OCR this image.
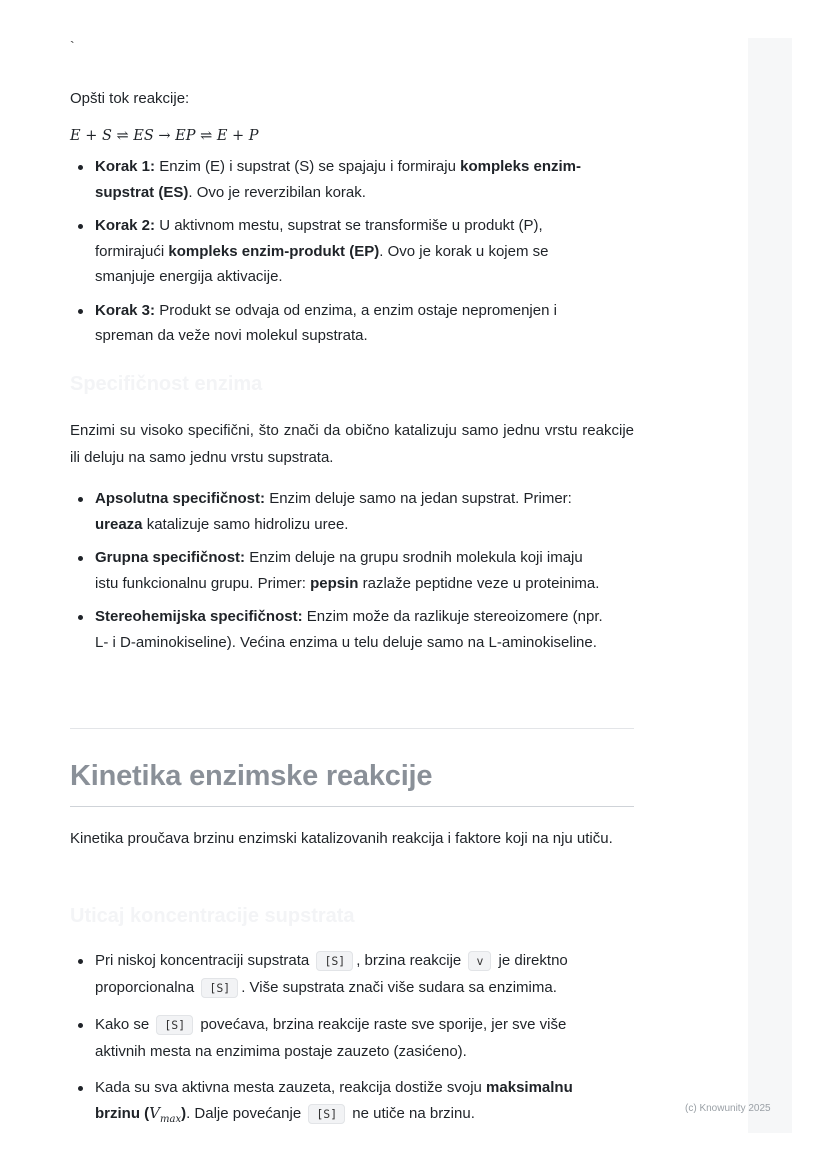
`

Opšti tok reakcije:

E + S ⇌ ES → EP ⇌ E + P
Korak 1: Enzim (E) i supstrat (S) se spajaju i formiraju kompleks enzim-supstrat (ES). Ovo je reverzibilan korak.
Korak 2: U aktivnom mestu, supstrat se transformiše u produkt (P), formirajući kompleks enzim-produkt (EP). Ovo je korak u kojem se smanjuje energija aktivacije.
Korak 3: Produkt se odvaja od enzima, a enzim ostaje nepromenjen i spreman da veže novi molekul supstrata.
Specifičnost enzima

Enzimi su visoko specifični, što znači da obično katalizuju samo jednu vrstu reakcije ili deluju na samo jednu vrstu supstrata.

Apsolutna specifičnost: Enzim deluje samo na jedan supstrat. Primer: ureaza katalizuje samo hidrolizu uree.
Grupna specifičnost: Enzim deluje na grupu srodnih molekula koji imaju istu funkcionalnu grupu. Primer: pepsin razlaže peptidne veze u proteinima.
Stereohemijska specifičnost: Enzim može da razlikuje stereoizomere (npr. L- i D-aminokiseline). Većina enzima u telu deluje samo na L-aminokiseline.
Kinetika enzimske reakcije

Kinetika proučava brzinu enzimski katalizovanih reakcija i faktore koji na nju utiču.

Uticaj koncentracije supstrata
Pri niskoj koncentraciji supstrata [S] , brzina reakcije v je direktno proporcionalna [S] . Više supstrata znači više sudara sa enzimima.
Kako se [S] povećava, brzina reakcije raste sve sporije, jer sve više aktivnih mesta na enzimima postaje zauzeto (zasićeno).
Kada su sva aktivna mesta zauzeta, reakcija dostiže svoju maksimalnu brzinu $(V_{max})$. Dalje povećanje [S] ne utiče na brzinu.	(c) Knowunity 2025
